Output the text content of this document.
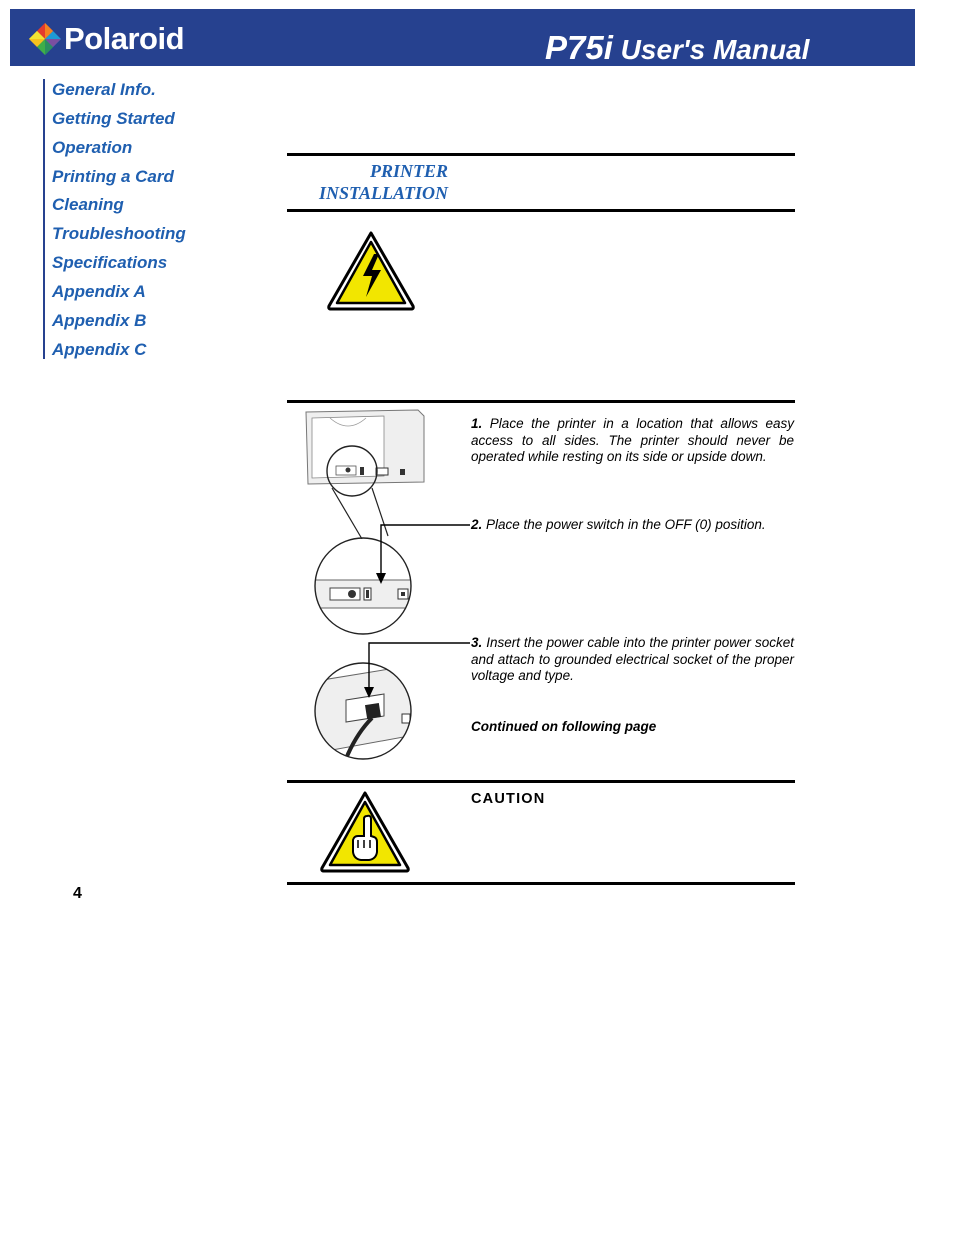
Polaroid	P75i User's Manual
General Info.
Getting Started
Operation
Printing a Card
Cleaning
Troubleshooting
Specifications
Appendix A
Appendix B
Appendix C
PRINTER
INSTALLATION
1. Place the printer in a location that allows easy access to all sides. The printer should never be operated while resting on its side or upside down.
2. Place the power switch in the OFF (0) position.
3. Insert the power cable into the printer power socket and attach to grounded electrical socket of the proper voltage and type.
Continued on following page
CAUTION
4
